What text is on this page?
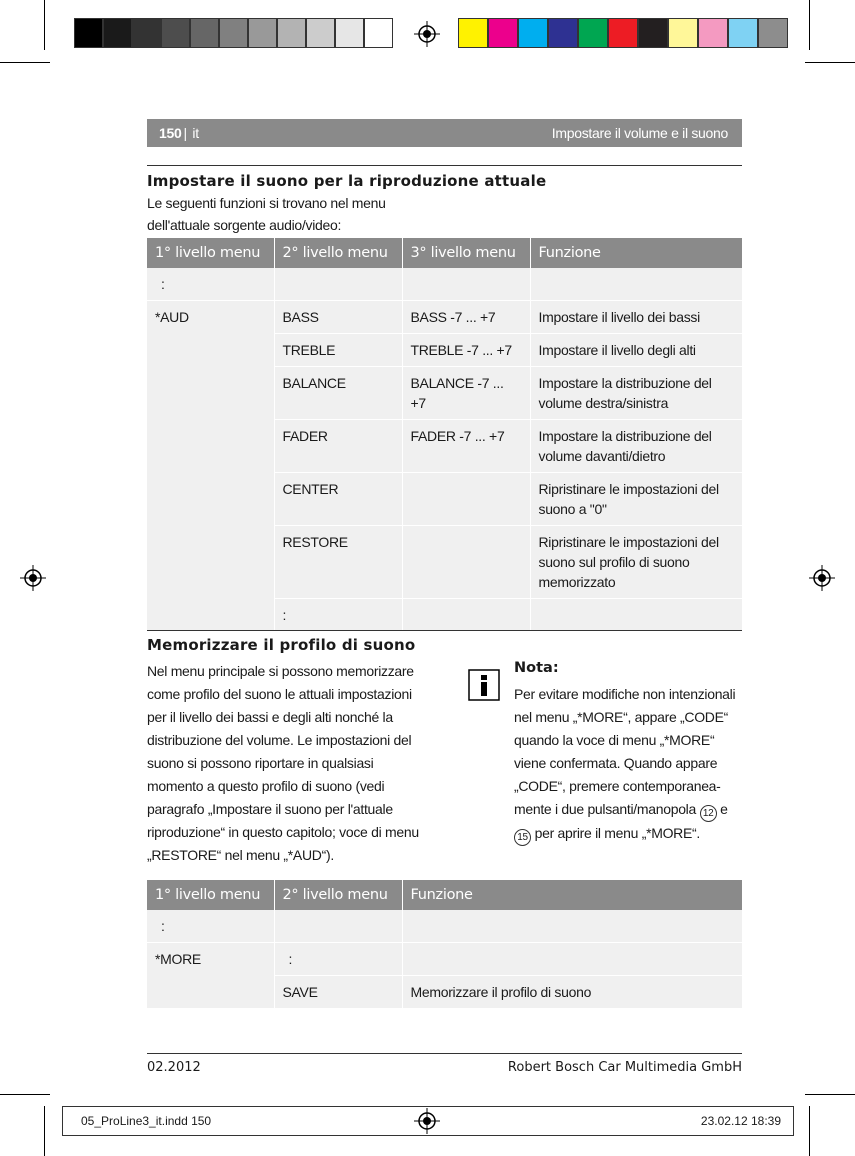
150 | it	Impostare il volume e il suono
Impostare il suono per la riproduzione attuale
Le seguenti funzioni si trovano nel menu
dell'attuale sorgente audio/video:
1° livello menu	2° livello menu	3° livello menu	Funzione
:			
*AUD	BASS	BASS -7 ... +7	Impostare il livello dei bassi
	TREBLE	TREBLE -7 ... +7	Impostare il livello degli alti
	BALANCE	BALANCE -7 ... +7	Impostare la distribuzione del volume destra/sinistra
	FADER	FADER -7 ... +7	Impostare la distribuzione del volume davanti/dietro
	CENTER		Ripristinare le impostazioni del suono a "0"
	RESTORE		Ripristinare le impostazioni del suono sul profilo di suono memorizzato
	:		
Memorizzare il profilo di suono
Nel menu principale si possono memorizzare
come profilo del suono le attuali impostazioni
per il livello dei bassi e degli alti nonché la
distribuzione del volume. Le impostazioni del
suono si possono riportare in qualsiasi
momento a questo profilo di suono (vedi
paragrafo „Impostare il suono per l'attuale
riproduzione“ in questo capitolo; voce di menu
„RESTORE“ nel menu „*AUD“).
Nota:
Per evitare modifiche non intenzionali
nel menu „*MORE“, appare „CODE“
quando la voce di menu „*MORE“
viene confermata. Quando appare
„CODE“, premere contemporanea-
mente i due pulsanti/manopola 12 e
15 per aprire il menu „*MORE“.
1° livello menu	2° livello menu	Funzione
:		
*MORE	:	
	SAVE	Memorizzare il profilo di suono
02.2012	Robert Bosch Car Multimedia GmbH
05_ProLine3_it.indd 150	23.02.12 18:39
